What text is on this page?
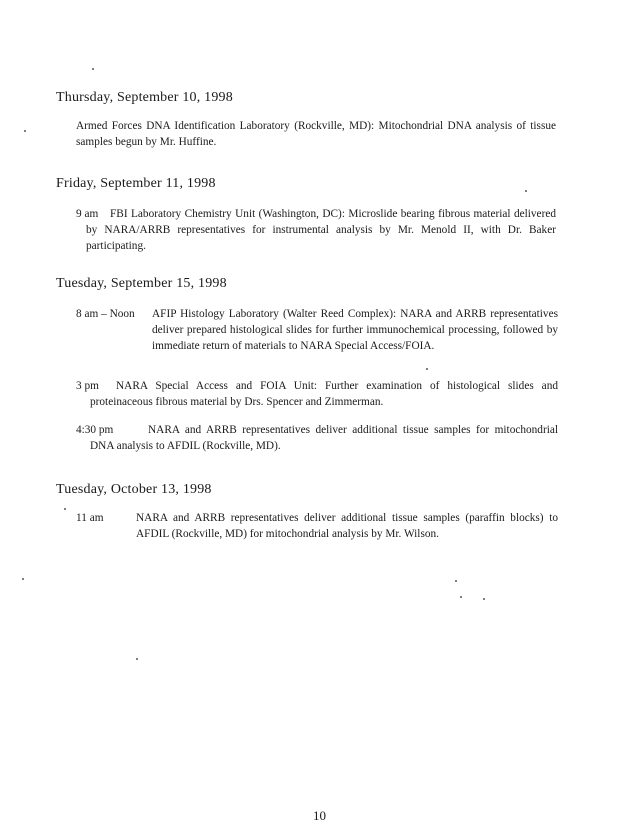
Thursday, September 10, 1998
Armed Forces DNA Identification Laboratory (Rockville, MD): Mitochondrial DNA analysis of tissue samples begun by Mr. Huffine.
Friday, September 11, 1998
9 am	FBI Laboratory Chemistry Unit (Washington, DC): Microslide bearing fibrous material delivered by NARA/ARRB representatives for instrumental analysis by Mr. Menold II, with Dr. Baker participating.
Tuesday, September 15, 1998
8 am – Noon AFIP Histology Laboratory (Walter Reed Complex): NARA and ARRB representatives deliver prepared histological slides for further immunochemical processing, followed by immediate return of materials to NARA Special Access/FOIA.
3 pm	NARA Special Access and FOIA Unit: Further examination of histological slides and proteinaceous fibrous material by Drs. Spencer and Zimmerman.
4:30 pm	NARA and ARRB representatives deliver additional tissue samples for mitochondrial DNA analysis to AFDIL (Rockville, MD).
Tuesday, October 13, 1998
11 am	NARA and ARRB representatives deliver additional tissue samples (paraffin blocks) to AFDIL (Rockville, MD) for mitochondrial analysis by Mr. Wilson.
10
